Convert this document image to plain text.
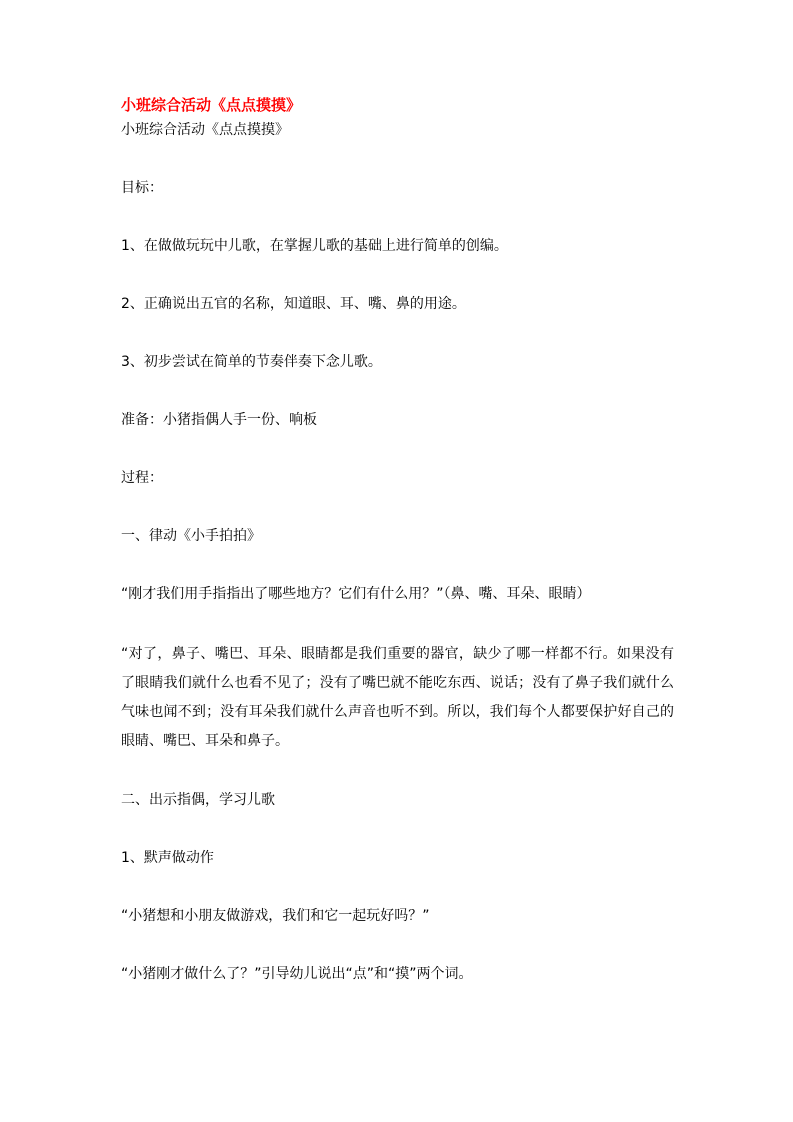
小班综合活动《点点摸摸》
小班综合活动《点点摸摸》
目标：
1、在做做玩玩中儿歌，在掌握儿歌的基础上进行简单的创编。
2、正确说出五官的名称，知道眼、耳、嘴、鼻的用途。
3、初步尝试在简单的节奏伴奏下念儿歌。
准备：小猪指偶人手一份、响板
过程：
一、律动《小手拍拍》
“刚才我们用手指指出了哪些地方？它们有什么用？”（鼻、嘴、耳朵、眼睛）
“对了，鼻子、嘴巴、耳朵、眼睛都是我们重要的器官，缺少了哪一样都不行。如果没有了眼睛我们就什么也看不见了；没有了嘴巴就不能吃东西、说话；没有了鼻子我们就什么气味也闻不到；没有耳朵我们就什么声音也听不到。所以，我们每个人都要保护好自己的眼睛、嘴巴、耳朵和鼻子。
二、出示指偶，学习儿歌
1、默声做动作
“小猪想和小朋友做游戏，我们和它一起玩好吗？”
“小猪刚才做什么了？”引导幼儿说出“点”和“摸”两个词。
